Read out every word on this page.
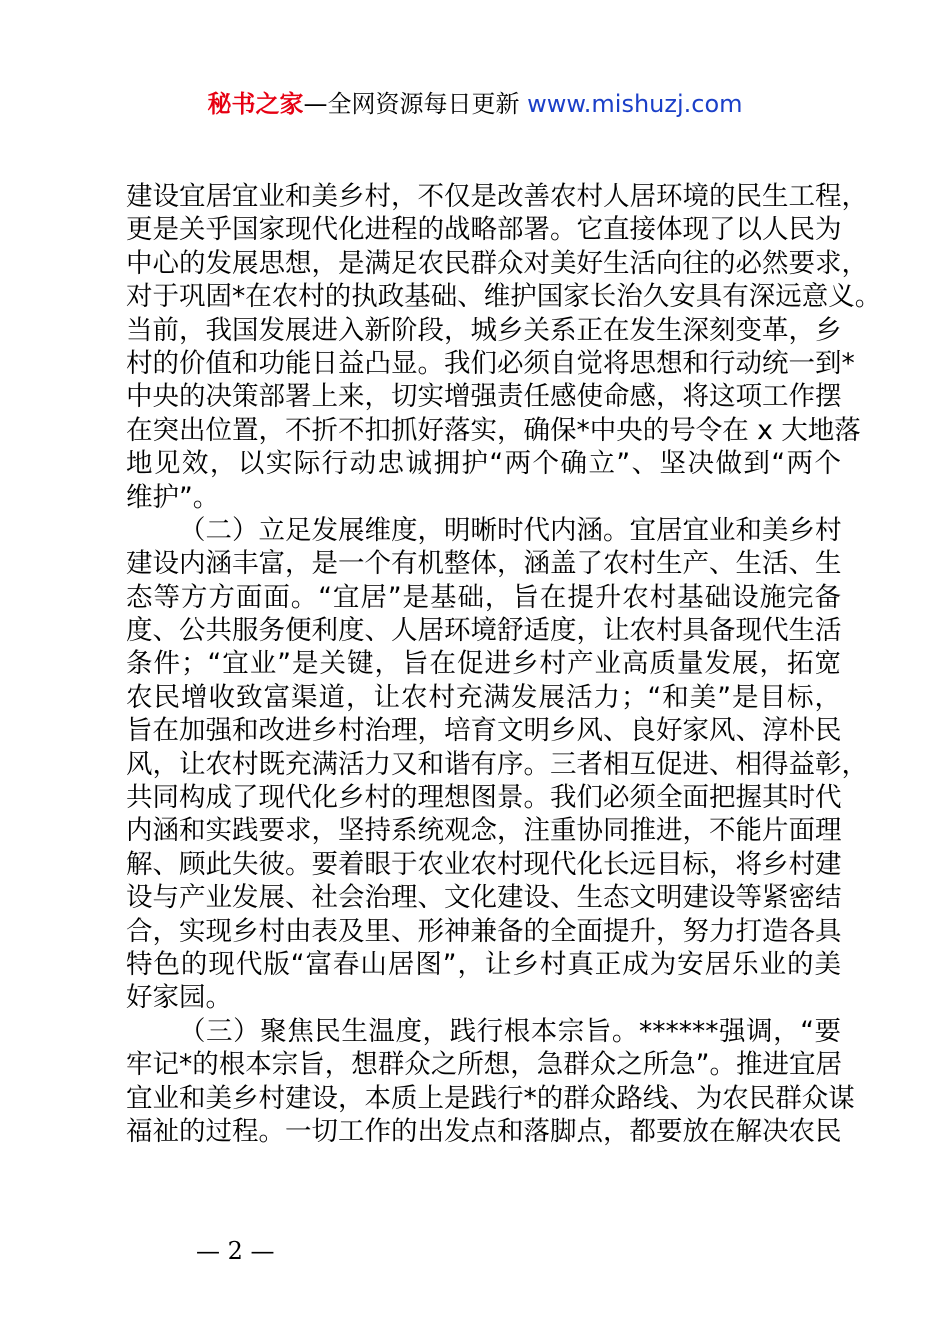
秘书之家—全网资源每日更新 www.mishuzj.com
建设宜居宜业和美乡村，不仅是改善农村人居环境的民生工程，
更是关乎国家现代化进程的战略部署。它直接体现了以人民为
中心的发展思想，是满足农民群众对美好生活向往的必然要求，
对于巩固*在农村的执政基础、维护国家长治久安具有深远意义。
当前，我国发展进入新阶段，城乡关系正在发生深刻变革，乡
村的价值和功能日益凸显。我们必须自觉将思想和行动统一到*
中央的决策部署上来，切实增强责任感使命感，将这项工作摆
在突出位置，不折不扣抓好落实，确保*中央的号令在 x 大地落
地见效，以实际行动忠诚拥护“两个确立”、坚决做到“两个
维护”。
（二）立足发展维度，明晰时代内涵。宜居宜业和美乡村
建设内涵丰富，是一个有机整体，涵盖了农村生产、生活、生
态等方方面面。“宜居”是基础，旨在提升农村基础设施完备
度、公共服务便利度、人居环境舒适度，让农村具备现代生活
条件；“宜业”是关键，旨在促进乡村产业高质量发展，拓宽
农民增收致富渠道，让农村充满发展活力；“和美”是目标，
旨在加强和改进乡村治理，培育文明乡风、良好家风、淳朴民
风，让农村既充满活力又和谐有序。三者相互促进、相得益彰，
共同构成了现代化乡村的理想图景。我们必须全面把握其时代
内涵和实践要求，坚持系统观念，注重协同推进，不能片面理
解、顾此失彼。要着眼于农业农村现代化长远目标，将乡村建
设与产业发展、社会治理、文化建设、生态文明建设等紧密结
合，实现乡村由表及里、形神兼备的全面提升，努力打造各具
特色的现代版“富春山居图”，让乡村真正成为安居乐业的美
好家园。
（三）聚焦民生温度，践行根本宗旨。******强调，“要
牢记*的根本宗旨，想群众之所想，急群众之所急”。推进宜居
宜业和美乡村建设，本质上是践行*的群众路线、为农民群众谋
福祉的过程。一切工作的出发点和落脚点，都要放在解决农民
— 2 —
